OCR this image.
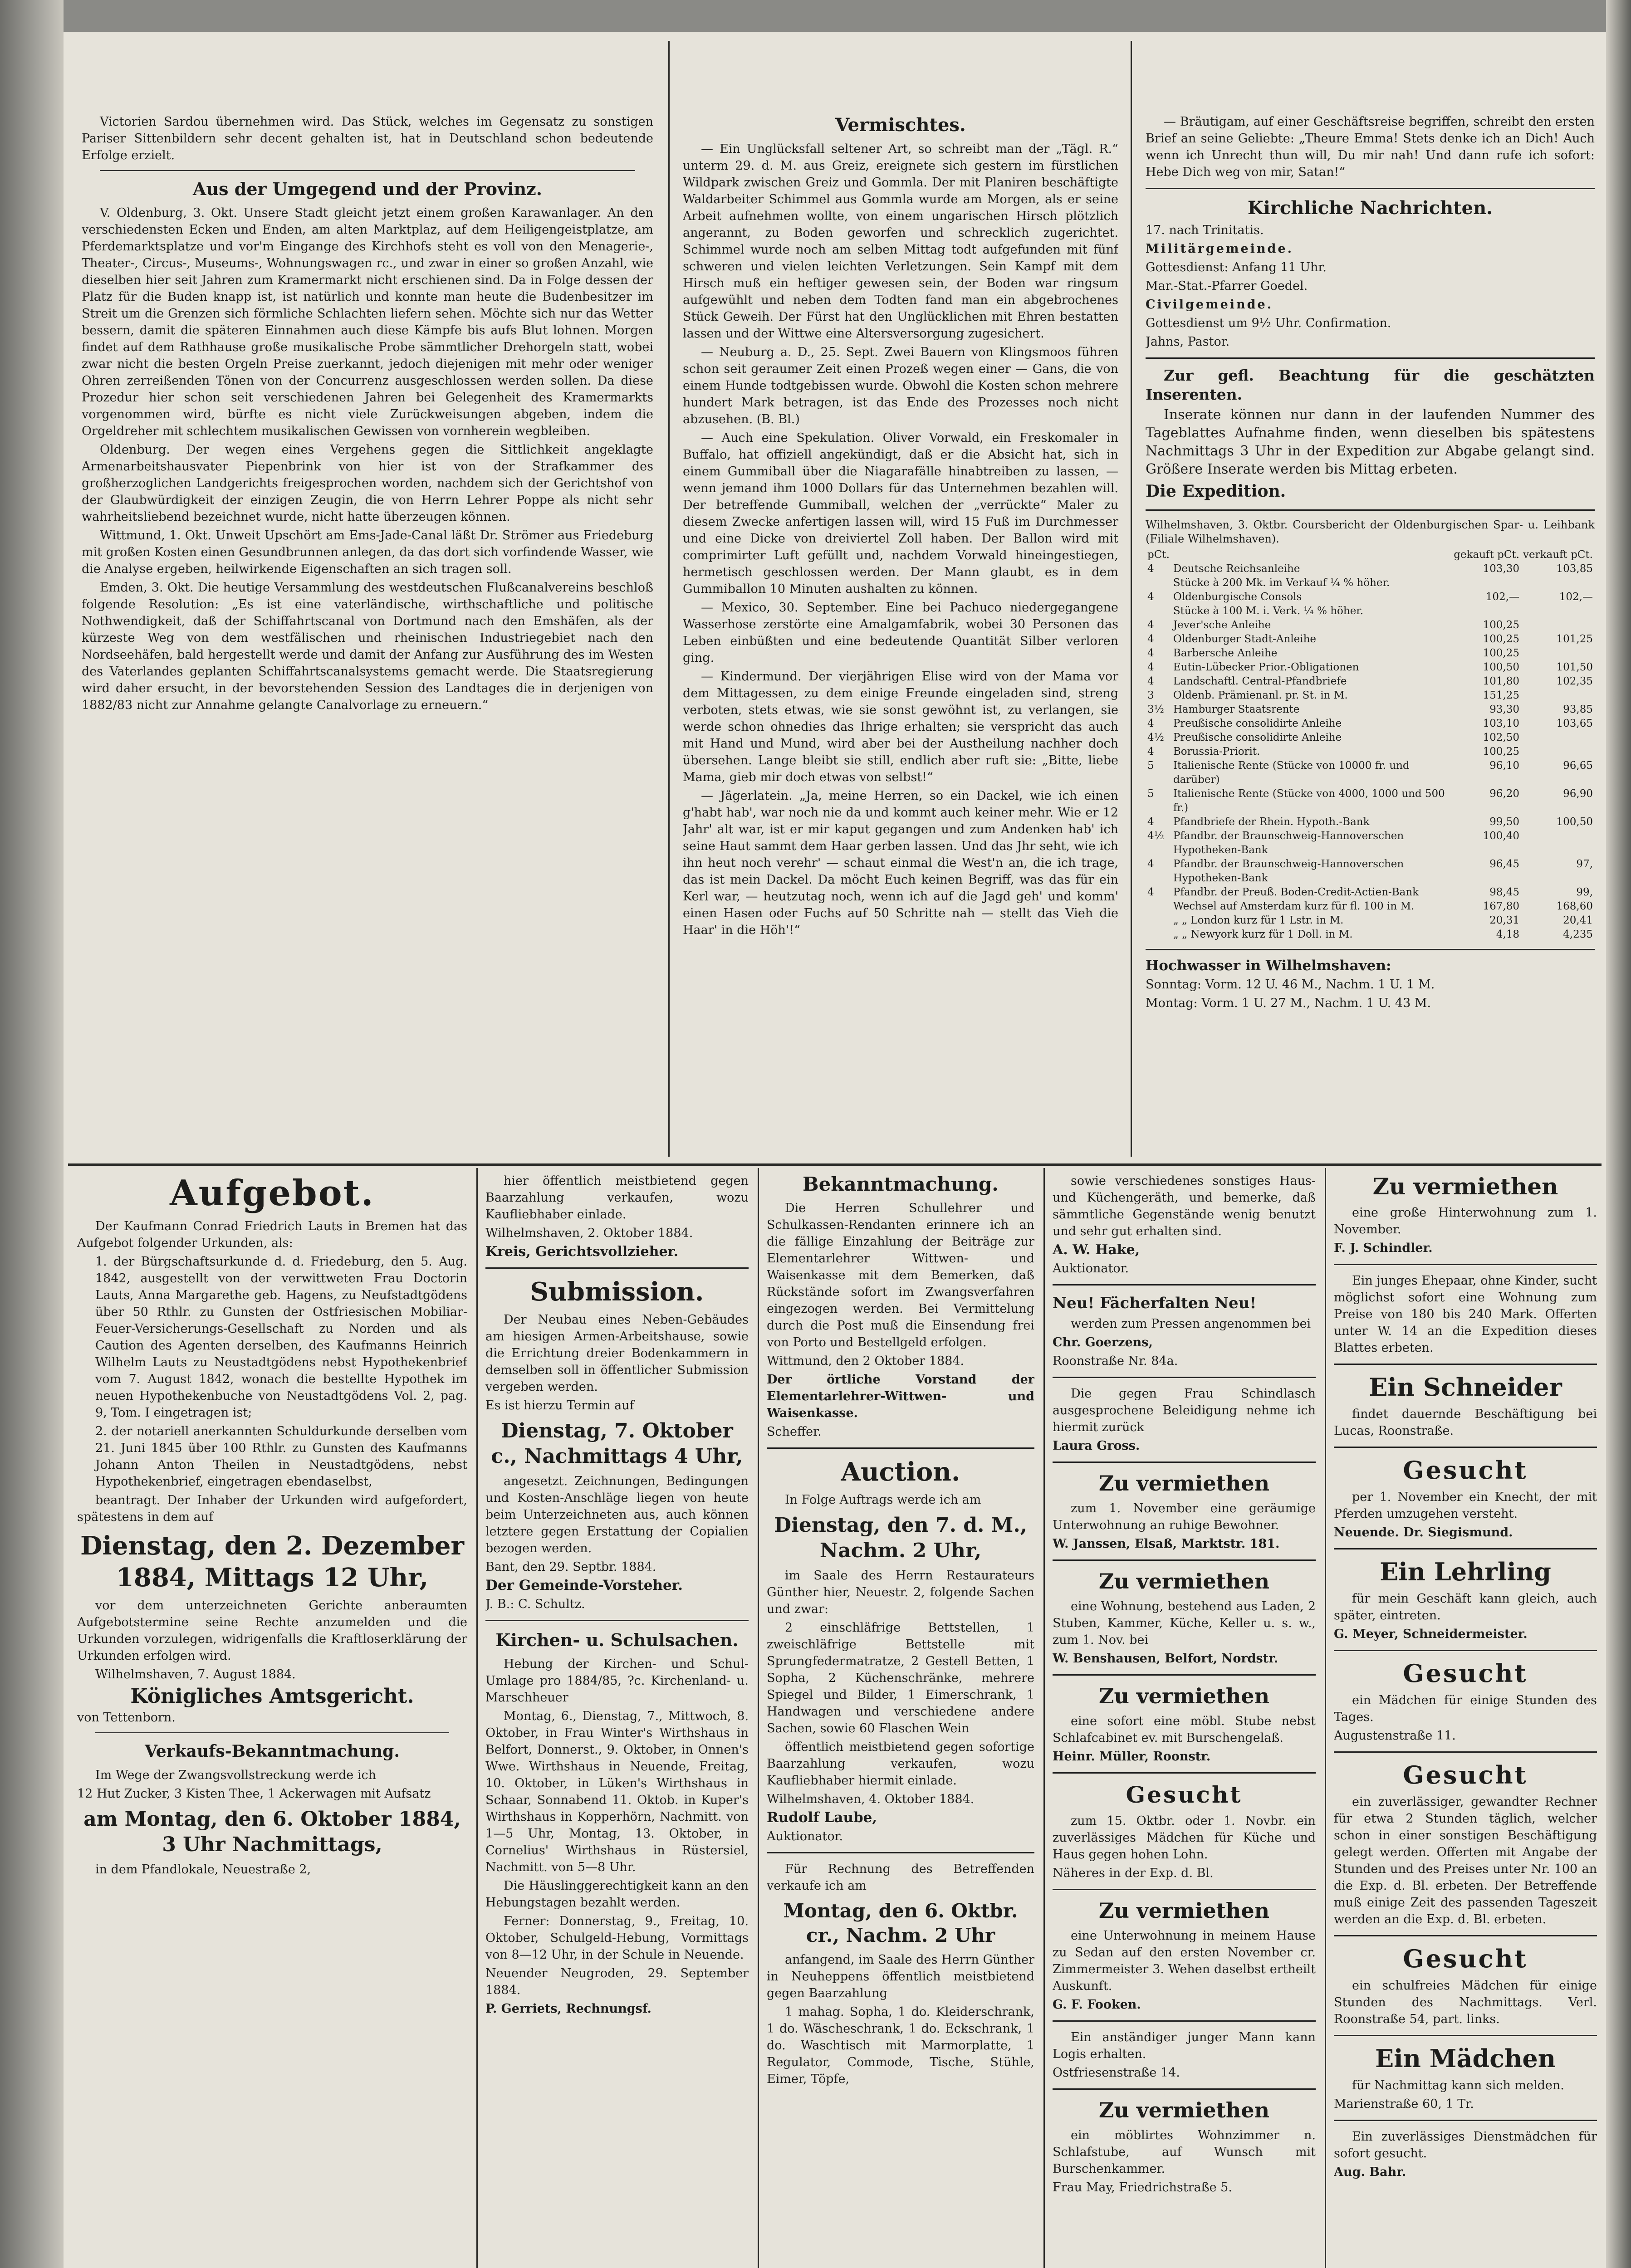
Victorien Sardou übernehmen wird. Das Stück, welches im Gegensatz zu sonstigen Pariser Sittenbildern sehr decent gehalten ist, hat in Deutschland schon bedeutende Erfolge erzielt.

Aus der Umgegend und der Provinz.

V. Oldenburg, 3. Okt. Unsere Stadt gleicht jetzt einem großen Karawanlager. An den verschiedensten Ecken und Enden, am alten Marktplaz, auf dem Heiligengeistplatze, am Pferdemarktsplatze und vor'm Eingange des Kirchhofs steht es voll von den Menagerie-, Theater-, Circus-, Museums-, Wohnungswagen rc., und zwar in einer so großen Anzahl, wie dieselben hier seit Jahren zum Kramermarkt nicht erschienen sind. Da in Folge dessen der Platz für die Buden knapp ist, ist natürlich und konnte man heute die Budenbesitzer im Streit um die Grenzen sich förmliche Schlachten liefern sehen. Möchte sich nur das Wetter bessern, damit die späteren Einnahmen auch diese Kämpfe bis aufs Blut lohnen. Morgen findet auf dem Rathhause große musikalische Probe sämmtlicher Drehorgeln statt, wobei zwar nicht die besten Orgeln Preise zuerkannt, jedoch diejenigen mit mehr oder weniger Ohren zerreißenden Tönen von der Concurrenz ausgeschlossen werden sollen. Da diese Prozedur hier schon seit verschiedenen Jahren bei Gelegenheit des Kramermarkts vorgenommen wird, bürfte es nicht viele Zurückweisungen abgeben, indem die Orgeldreher mit schlechtem musikalischen Gewissen von vornherein wegbleiben.

Oldenburg. Der wegen eines Vergehens gegen die Sittlichkeit angeklagte Armenarbeitshausvater Piepenbrink von hier ist von der Strafkammer des großherzoglichen Landgerichts freigesprochen worden, nachdem sich der Gerichtshof von der Glaubwürdigkeit der einzigen Zeugin, die von Herrn Lehrer Poppe als nicht sehr wahrheitsliebend bezeichnet wurde, nicht hatte überzeugen können.

Wittmund, 1. Okt. Unweit Upschört am Ems-Jade-Canal läßt Dr. Strömer aus Friedeburg mit großen Kosten einen Gesundbrunnen anlegen, da das dort sich vorfindende Wasser, wie die Analyse ergeben, heilwirkende Eigenschaften an sich tragen soll.

Emden, 3. Okt. Die heutige Versammlung des westdeutschen Flußcanalvereins beschloß folgende Resolution: „Es ist eine vaterländische, wirthschaftliche und politische Nothwendigkeit, daß der Schiffahrtscanal von Dortmund nach den Emshäfen, als der kürzeste Weg von dem westfälischen und rheinischen Industriegebiet nach den Nordseehäfen, bald hergestellt werde und damit der Anfang zur Ausführung des im Westen des Vaterlandes geplanten Schiffahrtscanalsystems gemacht werde. Die Staatsregierung wird daher ersucht, in der bevorstehenden Session des Landtages die in derjenigen von 1882/83 nicht zur Annahme gelangte Canalvorlage zu erneuern.“

Vermischtes.

— Ein Unglücksfall seltener Art, so schreibt man der „Tägl. R.“ unterm 29. d. M. aus Greiz, ereignete sich gestern im fürstlichen Wildpark zwischen Greiz und Gommla. Der mit Planiren beschäftigte Waldarbeiter Schimmel aus Gommla wurde am Morgen, als er seine Arbeit aufnehmen wollte, von einem ungarischen Hirsch plötzlich angerannt, zu Boden geworfen und schrecklich zugerichtet. Schimmel wurde noch am selben Mittag todt aufgefunden mit fünf schweren und vielen leichten Verletzungen. Sein Kampf mit dem Hirsch muß ein heftiger gewesen sein, der Boden war ringsum aufgewühlt und neben dem Todten fand man ein abgebrochenes Stück Geweih. Der Fürst hat den Unglücklichen mit Ehren bestatten lassen und der Wittwe eine Altersversorgung zugesichert.

— Neuburg a. D., 25. Sept. Zwei Bauern von Klingsmoos führen schon seit geraumer Zeit einen Prozeß wegen einer — Gans, die von einem Hunde todtgebissen wurde. Obwohl die Kosten schon mehrere hundert Mark betragen, ist das Ende des Prozesses noch nicht abzusehen. (B. Bl.)

— Auch eine Spekulation. Oliver Vorwald, ein Freskomaler in Buffalo, hat offiziell angekündigt, daß er die Absicht hat, sich in einem Gummiball über die Niagarafälle hinabtreiben zu lassen, — wenn jemand ihm 1000 Dollars für das Unternehmen bezahlen will. Der betreffende Gummiball, welchen der „verrückte“ Maler zu diesem Zwecke anfertigen lassen will, wird 15 Fuß im Durchmesser und eine Dicke von dreiviertel Zoll haben. Der Ballon wird mit comprimirter Luft gefüllt und, nachdem Vorwald hineingestiegen, hermetisch geschlossen werden. Der Mann glaubt, es in dem Gummiballon 10 Minuten aushalten zu können.

— Mexico, 30. September. Eine bei Pachuco niedergegangene Wasserhose zerstörte eine Amalgamfabrik, wobei 30 Personen das Leben einbüßten und eine bedeutende Quantität Silber verloren ging.

— Kindermund. Der vierjährigen Elise wird von der Mama vor dem Mittagessen, zu dem einige Freunde eingeladen sind, streng verboten, stets etwas, wie sie sonst gewöhnt ist, zu verlangen, sie werde schon ohnedies das Ihrige erhalten; sie verspricht das auch mit Hand und Mund, wird aber bei der Austheilung nachher doch übersehen. Lange bleibt sie still, endlich aber ruft sie: „Bitte, liebe Mama, gieb mir doch etwas von selbst!“

— Jägerlatein. „Ja, meine Herren, so ein Dackel, wie ich einen g'habt hab', war noch nie da und kommt auch keiner mehr. Wie er 12 Jahr' alt war, ist er mir kaput gegangen und zum Andenken hab' ich seine Haut sammt dem Haar gerben lassen. Und das Jhr seht, wie ich ihn heut noch verehr' — schaut einmal die West'n an, die ich trage, das ist mein Dackel. Da möcht Euch keinen Begriff, was das für ein Kerl war, — heutzutag noch, wenn ich auf die Jagd geh' und komm' einen Hasen oder Fuchs auf 50 Schritte nah — stellt das Vieh die Haar' in die Höh'!“

— Bräutigam, auf einer Geschäftsreise begriffen, schreibt den ersten Brief an seine Geliebte: „Theure Emma! Stets denke ich an Dich! Auch wenn ich Unrecht thun will, Du mir nah! Und dann rufe ich sofort: Hebe Dich weg von mir, Satan!“

Kirchliche Nachrichten.

17. nach Trinitatis.

Militärgemeinde.

Gottesdienst: Anfang 11 Uhr.

Mar.-Stat.-Pfarrer Goedel.

Civilgemeinde.

Gottesdienst um 9½ Uhr. Confirmation.

Jahns, Pastor.

Zur gefl. Beachtung für die geschätzten Inserenten.

Inserate können nur dann in der laufenden Nummer des Tageblattes Aufnahme finden, wenn dieselben bis spätestens Nachmittags 3 Uhr in der Expedition zur Abgabe gelangt sind. Größere Inserate werden bis Mittag erbeten.

Die Expedition.

Wilhelmshaven, 3. Oktbr. Coursbericht der Oldenburgischen Spar- u. Leihbank (Filiale Wilhelmshaven).

pCt.		gekauft pCt.	verkauft pCt.
4	Deutsche Reichsanleihe	103,30	103,85
	Stücke à 200 Mk. im Verkauf ¼ % höher.		
4	Oldenburgische Consols	102,—	102,—
	Stücke à 100 M. i. Verk. ¼ % höher.		
4	Jever'sche Anleihe	100,25	
4	Oldenburger Stadt-Anleihe	100,25	101,25
4	Barbersche Anleihe	100,25	
4	Eutin-Lübecker Prior.-Obligationen	100,50	101,50
4	Landschaftl. Central-Pfandbriefe	101,80	102,35
3	Oldenb. Prämienanl. pr. St. in M.	151,25	
3½	Hamburger Staatsrente	93,30	93,85
4	Preußische consolidirte Anleihe	103,10	103,65
4½	Preußische consolidirte Anleihe	102,50	
4	Borussia-Priorit.	100,25	
5	Italienische Rente (Stücke von 10000 fr. und darüber)	96,10	96,65
5	Italienische Rente (Stücke von 4000, 1000 und 500 fr.)	96,20	96,90
4	Pfandbriefe der Rhein. Hypoth.-Bank	99,50	100,50
4½	Pfandbr. der Braunschweig-Hannoverschen Hypotheken-Bank	100,40	
4	Pfandbr. der Braunschweig-Hannoverschen Hypotheken-Bank	96,45	97,
4	Pfandbr. der Preuß. Boden-Credit-Actien-Bank	98,45	99,
	Wechsel auf Amsterdam kurz für fl. 100 in M.	167,80	168,60
	„ „ London kurz für 1 Lstr. in M.	20,31	20,41
	„ „ Newyork kurz für 1 Doll. in M.	4,18	4,235

Hochwasser in Wilhelmshaven:

Sonntag: Vorm. 12 U. 46 M., Nachm. 1 U. 1 M.

Montag: Vorm. 1 U. 27 M., Nachm. 1 U. 43 M.

Aufgebot.

Der Kaufmann Conrad Friedrich Lauts in Bremen hat das Aufgebot folgender Urkunden, als:

1. der Bürgschaftsurkunde d. d. Friedeburg, den 5. Aug. 1842, ausgestellt von der verwittweten Frau Doctorin Lauts, Anna Margarethe geb. Hagens, zu Neufstadtgödens über 50 Rthlr. zu Gunsten der Ostfriesischen Mobiliar-Feuer-Versicherungs-Gesellschaft zu Norden und als Caution des Agenten derselben, des Kaufmanns Heinrich Wilhelm Lauts zu Neustadtgödens nebst Hypothekenbrief vom 7. August 1842, wonach die bestellte Hypothek im neuen Hypothekenbuche von Neustadtgödens Vol. 2, pag. 9, Tom. I eingetragen ist;

2. der notariell anerkannten Schuldurkunde derselben vom 21. Juni 1845 über 100 Rthlr. zu Gunsten des Kaufmanns Johann Anton Theilen in Neustadtgödens, nebst Hypothekenbrief, eingetragen ebendaselbst,

beantragt. Der Inhaber der Urkunden wird aufgefordert, spätestens in dem auf

Dienstag, den 2. Dezember 1884, Mittags 12 Uhr,

vor dem unterzeichneten Gerichte anberaumten Aufgebotstermine seine Rechte anzumelden und die Urkunden vorzulegen, widrigenfalls die Kraftloserklärung der Urkunden erfolgen wird.

Wilhelmshaven, 7. August 1884.

Königliches Amtsgericht.

von Tettenborn.

Verkaufs-Bekanntmachung.

Im Wege der Zwangsvollstreckung werde ich

12 Hut Zucker, 3 Kisten Thee, 1 Ackerwagen mit Aufsatz

am Montag, den 6. Oktober 1884, 3 Uhr Nachmittags,

in dem Pfandlokale, Neuestraße 2,

hier öffentlich meistbietend gegen Baarzahlung verkaufen, wozu Kaufliebhaber einlade.

Wilhelmshaven, 2. Oktober 1884.

Kreis, Gerichtsvollzieher.

Submission.

Der Neubau eines Neben-Gebäudes am hiesigen Armen-Arbeitshause, sowie die Errichtung dreier Bodenkammern in demselben soll in öffentlicher Submission vergeben werden.

Es ist hierzu Termin auf

Dienstag, 7. Oktober c., Nachmittags 4 Uhr,

angesetzt. Zeichnungen, Bedingungen und Kosten-Anschläge liegen von heute beim Unterzeichneten aus, auch können letztere gegen Erstattung der Copialien bezogen werden.

Bant, den 29. Septbr. 1884.

Der Gemeinde-Vorsteher.

J. B.: C. Schultz.

Kirchen- u. Schulsachen.

Hebung der Kirchen- und Schul-Umlage pro 1884/85, ?c. Kirchenland- u. Marschheuer

Montag, 6., Dienstag, 7., Mittwoch, 8. Oktober, in Frau Winter's Wirthshaus in Belfort, Donnerst., 9. Oktober, in Onnen's Wwe. Wirthshaus in Neuende, Freitag, 10. Oktober, in Lüken's Wirthshaus in Schaar, Sonnabend 11. Oktob. in Kuper's Wirthshaus in Kopperhörn, Nachmitt. von 1—5 Uhr, Montag, 13. Oktober, in Cornelius' Wirthshaus in Rüstersiel, Nachmitt. von 5—8 Uhr.

Die Häuslinggerechtigkeit kann an den Hebungstagen bezahlt werden.

Ferner: Donnerstag, 9., Freitag, 10. Oktober, Schulgeld-Hebung, Vormittags von 8—12 Uhr, in der Schule in Neuende.

Neuender Neugroden, 29. September 1884.

P. Gerriets, Rechnungsf.

Bekanntmachung.

Die Herren Schullehrer und Schulkassen-Rendanten erinnere ich an die fällige Einzahlung der Beiträge zur Elementarlehrer Wittwen- und Waisenkasse mit dem Bemerken, daß Rückstände sofort im Zwangsverfahren eingezogen werden. Bei Vermittelung durch die Post muß die Einsendung frei von Porto und Bestellgeld erfolgen.

Wittmund, den 2 Oktober 1884.

Der örtliche Vorstand der Elementarlehrer-Wittwen- und Waisenkasse.

Scheffer.

Auction.

In Folge Auftrags werde ich am

Dienstag, den 7. d. M., Nachm. 2 Uhr,

im Saale des Herrn Restaurateurs Günther hier, Neuestr. 2, folgende Sachen und zwar:

2 einschläfrige Bettstellen, 1 zweischläfrige Bettstelle mit Sprungfedermatratze, 2 Gestell Betten, 1 Sopha, 2 Küchenschränke, mehrere Spiegel und Bilder, 1 Eimerschrank, 1 Handwagen und verschiedene andere Sachen, sowie 60 Flaschen Wein

öffentlich meistbietend gegen sofortige Baarzahlung verkaufen, wozu Kaufliebhaber hiermit einlade.

Wilhelmshaven, 4. Oktober 1884.

Rudolf Laube,

Auktionator.

Für Rechnung des Betreffenden verkaufe ich am

Montag, den 6. Oktbr. cr., Nachm. 2 Uhr

anfangend, im Saale des Herrn Günther in Neuheppens öffentlich meistbietend gegen Baarzahlung

1 mahag. Sopha, 1 do. Kleiderschrank, 1 do. Wäscheschrank, 1 do. Eckschrank, 1 do. Waschtisch mit Marmorplatte, 1 Regulator, Commode, Tische, Stühle, Eimer, Töpfe,

sowie verschiedenes sonstiges Haus- und Küchengeräth, und bemerke, daß sämmtliche Gegenstände wenig benutzt und sehr gut erhalten sind.

A. W. Hake,

Auktionator.

Neu! Fächerfalten Neu!

werden zum Pressen angenommen bei

Chr. Goerzens,

Roonstraße Nr. 84a.

Die gegen Frau Schindlasch ausgesprochene Beleidigung nehme ich hiermit zurück

Laura Gross.

Zu vermiethen

zum 1. November eine geräumige Unterwohnung an ruhige Bewohner.

W. Janssen, Elsaß, Marktstr. 181.

Zu vermiethen

eine Wohnung, bestehend aus Laden, 2 Stuben, Kammer, Küche, Keller u. s. w., zum 1. Nov. bei

W. Benshausen, Belfort, Nordstr.

Zu vermiethen

eine sofort eine möbl. Stube nebst Schlafcabinet ev. mit Burschengelaß.

Heinr. Müller, Roonstr.

Gesucht

zum 15. Oktbr. oder 1. Novbr. ein zuverlässiges Mädchen für Küche und Haus gegen hohen Lohn.

Näheres in der Exp. d. Bl.

Zu vermiethen

eine Unterwohnung in meinem Hause zu Sedan auf den ersten November cr. Zimmermeister 3. Wehen daselbst ertheilt Auskunft.

G. F. Fooken.

Ein anständiger junger Mann kann Logis erhalten.

Ostfriesenstraße 14.

Zu vermiethen

ein möblirtes Wohnzimmer n. Schlafstube, auf Wunsch mit Burschenkammer.

Frau May, Friedrichstraße 5.

Zu vermiethen

eine große Hinterwohnung zum 1. November.

F. J. Schindler.

Ein junges Ehepaar, ohne Kinder, sucht möglichst sofort eine Wohnung zum Preise von 180 bis 240 Mark. Offerten unter W. 14 an die Expedition dieses Blattes erbeten.

Ein Schneider

findet dauernde Beschäftigung bei Lucas, Roonstraße.

Gesucht

per 1. November ein Knecht, der mit Pferden umzugehen versteht.

Neuende. Dr. Siegismund.

Ein Lehrling

für mein Geschäft kann gleich, auch später, eintreten.

G. Meyer, Schneidermeister.

Gesucht

ein Mädchen für einige Stunden des Tages.

Augustenstraße 11.

Gesucht

ein zuverlässiger, gewandter Rechner für etwa 2 Stunden täglich, welcher schon in einer sonstigen Beschäftigung gelegt werden. Offerten mit Angabe der Stunden und des Preises unter Nr. 100 an die Exp. d. Bl. erbeten. Der Betreffende muß einige Zeit des passenden Tageszeit werden an die Exp. d. Bl. erbeten.

Gesucht

ein schulfreies Mädchen für einige Stunden des Nachmittags. Verl. Roonstraße 54, part. links.

Ein Mädchen

für Nachmittag kann sich melden.

Marienstraße 60, 1 Tr.

Ein zuverlässiges Dienstmädchen für sofort gesucht.

Aug. Bahr.
